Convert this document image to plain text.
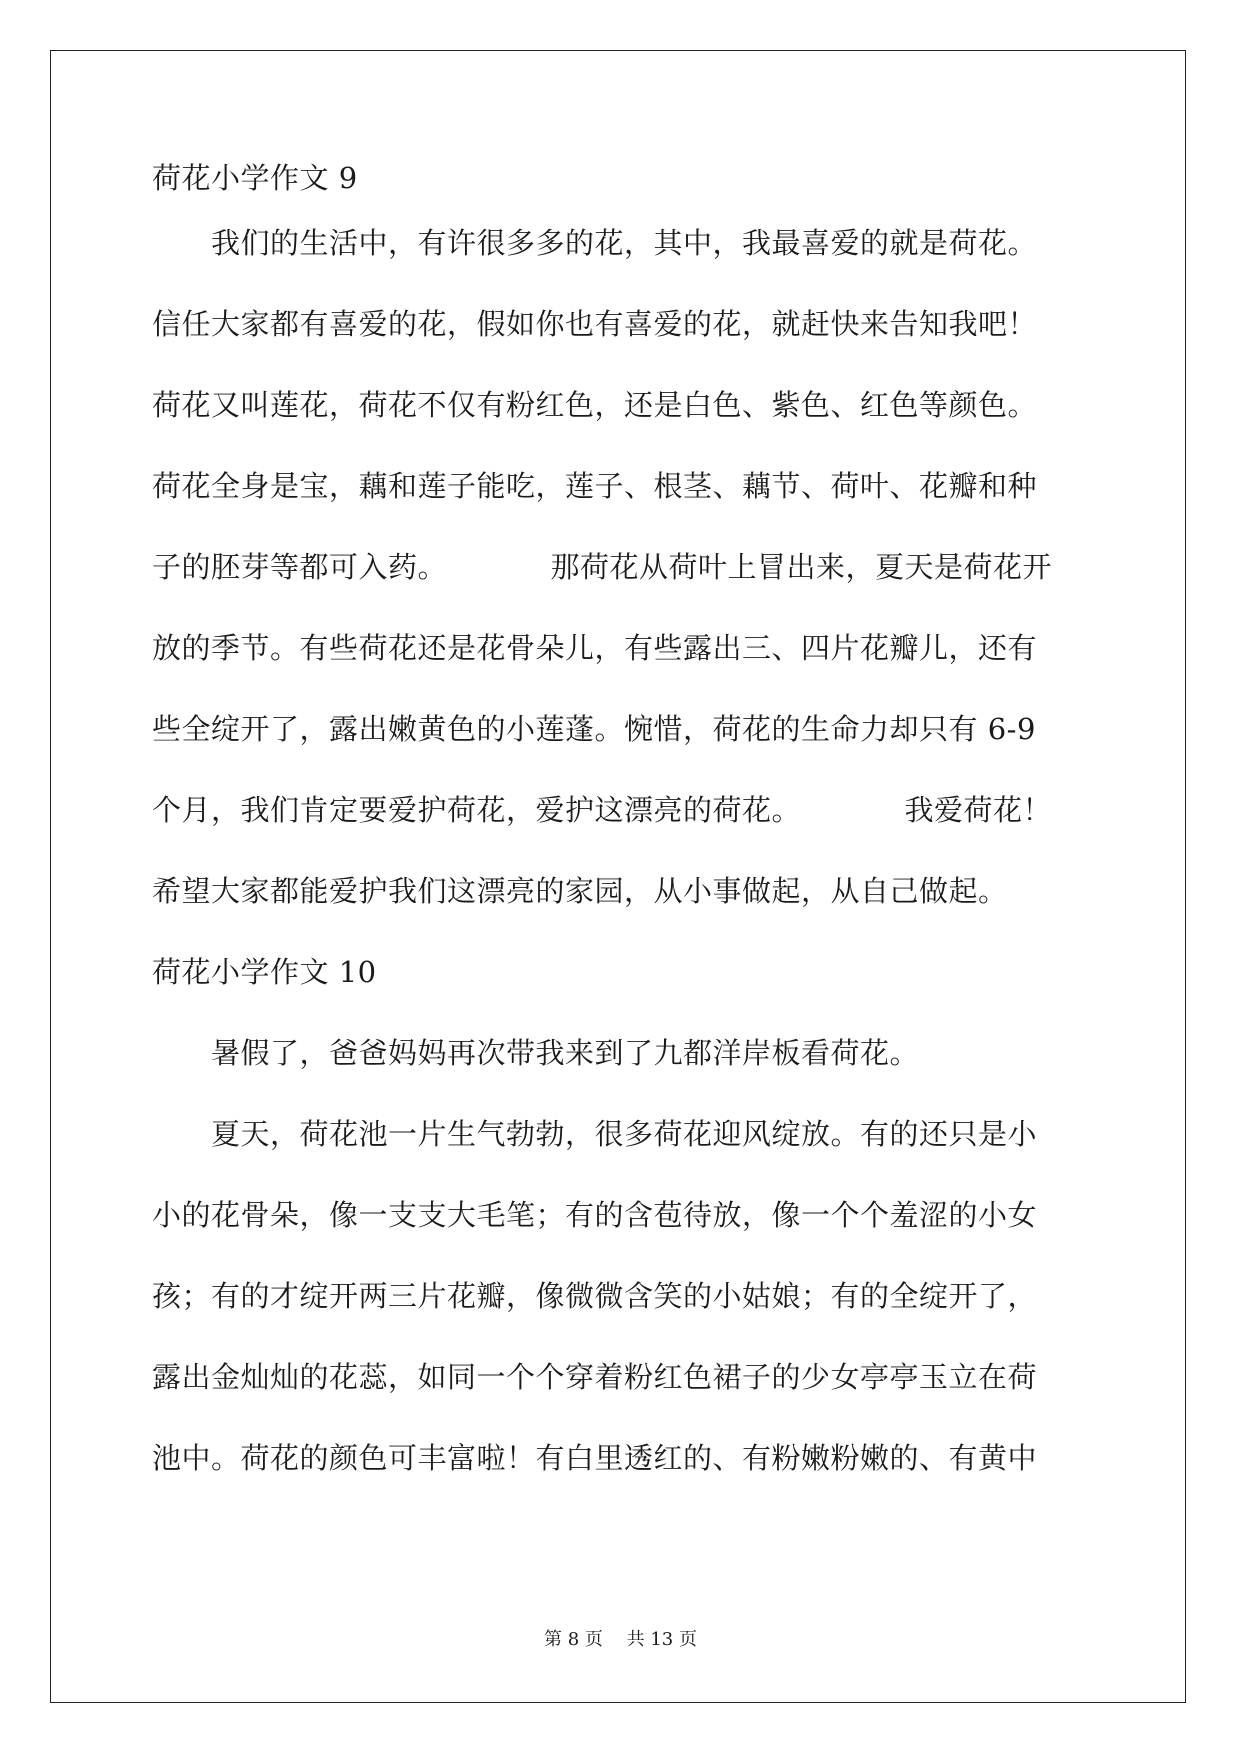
荷花小学作文 9
　　我们的生活中，有许很多多的花，其中，我最喜爱的就是荷花。
信任大家都有喜爱的花，假如你也有喜爱的花，就赶快来告知我吧！
荷花又叫莲花，荷花不仅有粉红色，还是白色、紫色、红色等颜色。
荷花全身是宝，藕和莲子能吃，莲子、根茎、藕节、荷叶、花瓣和种
子的胚芽等都可入药。　　　　那荷花从荷叶上冒出来，夏天是荷花开
放的季节。有些荷花还是花骨朵儿，有些露出三、四片花瓣儿，还有
些全绽开了，露出嫩黄色的小莲蓬。惋惜，荷花的生命力却只有 6-9
个月，我们肯定要爱护荷花，爱护这漂亮的荷花。　　　　我爱荷花！
希望大家都能爱护我们这漂亮的家园，从小事做起，从自己做起。
荷花小学作文 10
　　暑假了，爸爸妈妈再次带我来到了九都洋岸板看荷花。
　　夏天，荷花池一片生气勃勃，很多荷花迎风绽放。有的还只是小
小的花骨朵，像一支支大毛笔；有的含苞待放，像一个个羞涩的小女
孩；有的才绽开两三片花瓣，像微微含笑的小姑娘；有的全绽开了，
露出金灿灿的花蕊，如同一个个穿着粉红色裙子的少女亭亭玉立在荷
池中。荷花的颜色可丰富啦！有白里透红的、有粉嫩粉嫩的、有黄中
第 8 页　 共 13 页
